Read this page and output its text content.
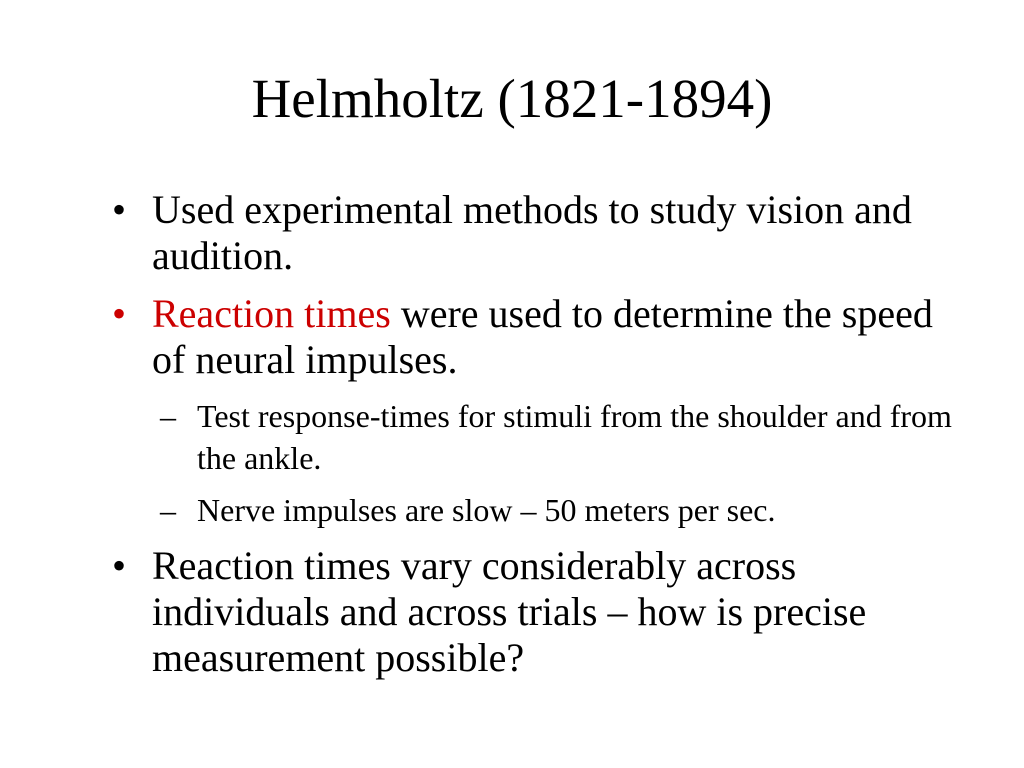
Helmholtz (1821-1894)
• Used experimental methods to study vision and audition.
• Reaction times were used to determine the speed of neural impulses.
– Test response-times for stimuli from the shoulder and from the ankle.
– Nerve impulses are slow – 50 meters per sec.
• Reaction times vary considerably across individuals and across trials – how is precise measurement possible?
